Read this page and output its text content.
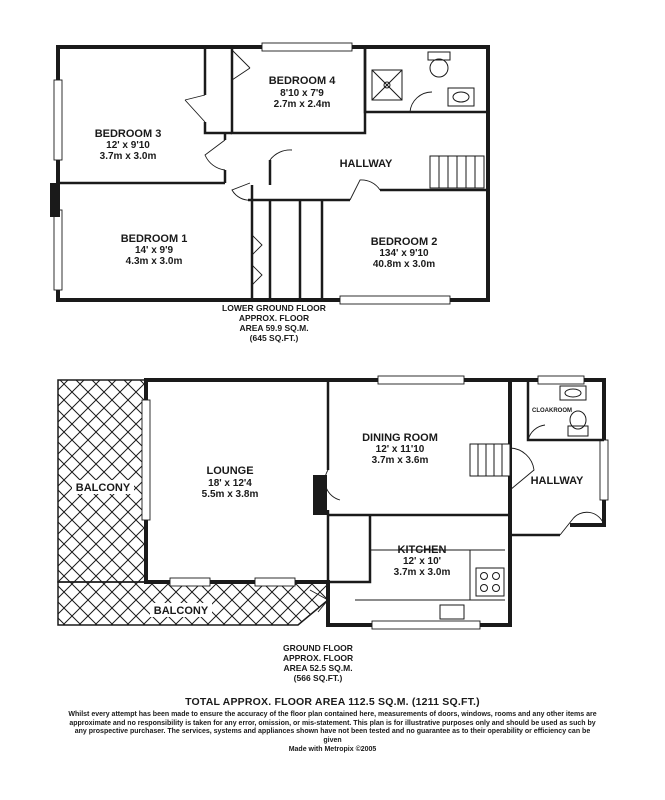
BEDROOM 3
12' x 9'10
3.7m x 3.0m
BEDROOM 4
8'10 x 7'9
2.7m x 2.4m
HALLWAY
BEDROOM 1
14' x 9'9
4.3m x 3.0m
BEDROOM 2
134' x 9'10
40.8m x 3.0m
LOWER GROUND FLOOR
APPROX. FLOOR
AREA 59.9 SQ.M.
(645 SQ.FT.)
LOUNGE
18' x 12'4
5.5m x 3.8m
DINING ROOM
12' x 11'10
3.7m x 3.6m
KITCHEN
12' x 10'
3.7m x 3.0m
HALLWAY
CLOAKROOM
BALCONY
BALCONY
GROUND FLOOR
APPROX. FLOOR
AREA 52.5 SQ.M.
(566 SQ.FT.)
TOTAL APPROX. FLOOR AREA 112.5 SQ.M. (1211 SQ.FT.)
Whilst every attempt has been made to ensure the accuracy of the floor plan contained here, measurements of doors, windows, rooms and any other items are approximate and no responsibility is taken for any error, omission, or mis-statement. This plan is for illustrative purposes only and should be used as such by any prospective purchaser. The services, systems and appliances shown have not been tested and no guarantee as to their operability or efficiency can be given
Made with Metropix ©2005
